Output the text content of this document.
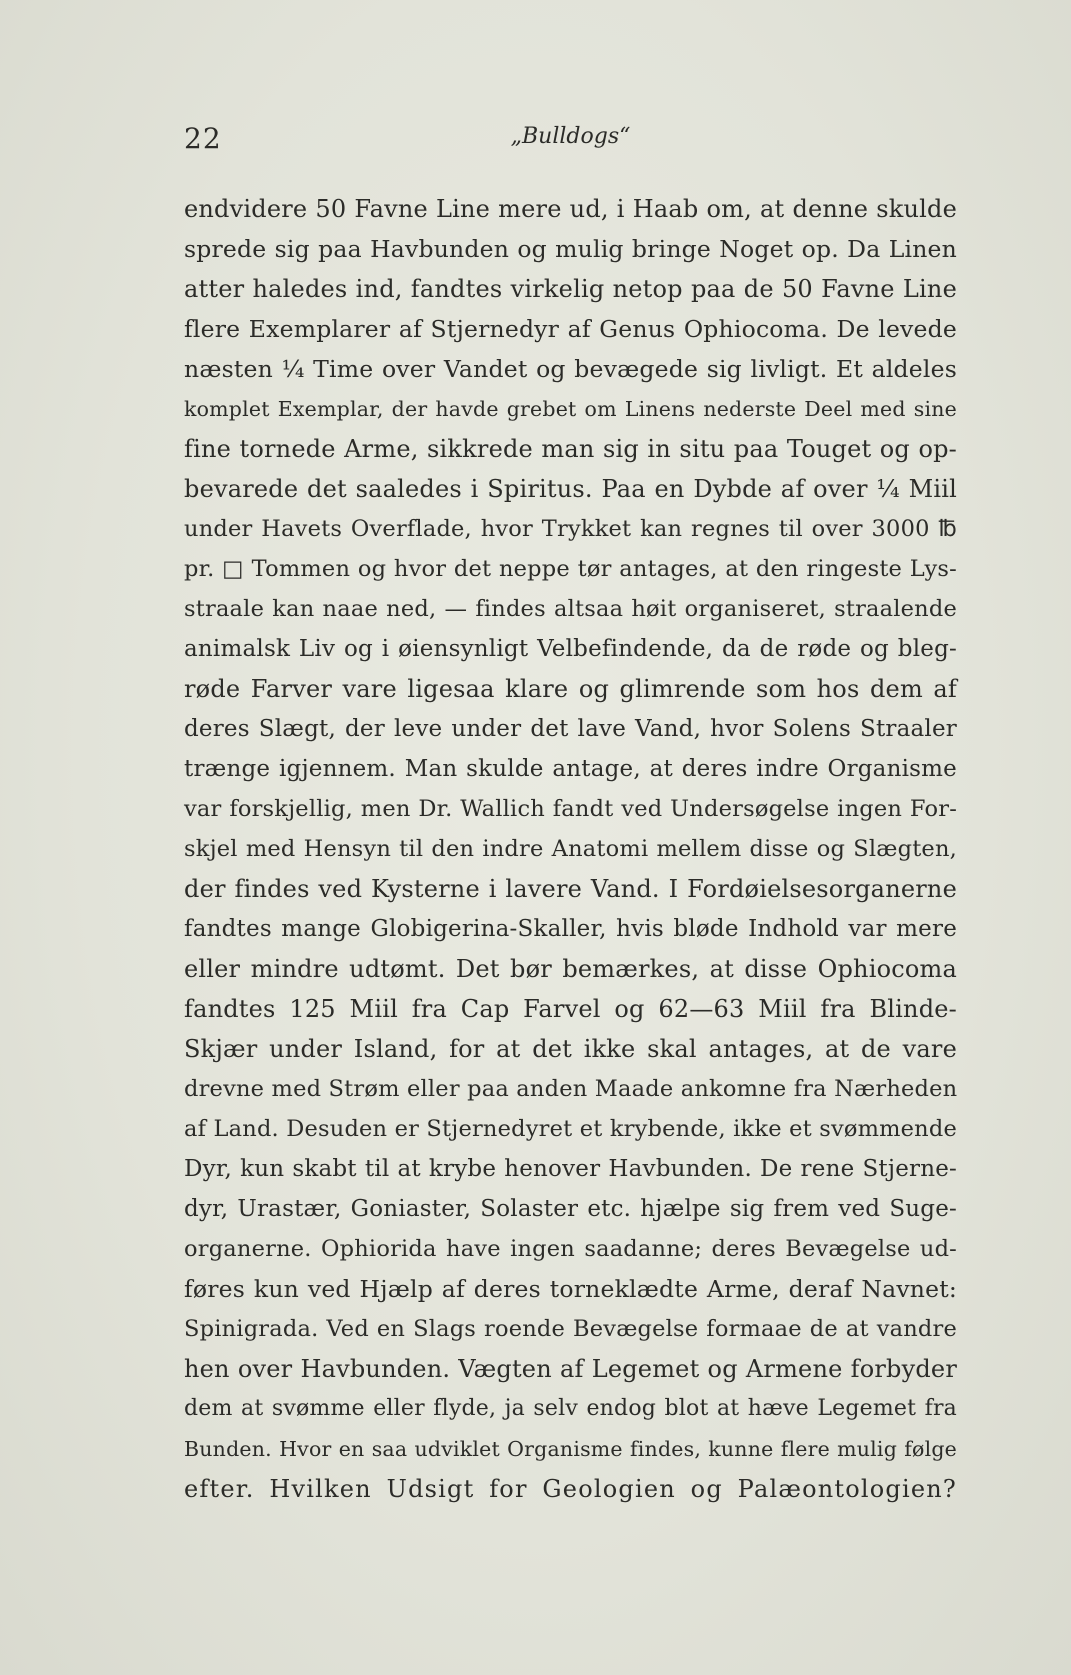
22	„Bulldogs“
endvidere 50 Favne Line mere ud, i Haab om, at denne skulde
sprede sig paa Havbunden og mulig bringe Noget op. Da Linen
atter haledes ind, fandtes virkelig netop paa de 50 Favne Line
flere Exemplarer af Stjernedyr af Genus Ophiocoma. De levede
næsten ¼ Time over Vandet og bevægede sig livligt. Et aldeles
komplet Exemplar, der havde grebet om Linens nederste Deel med sine
fine tornede Arme, sikkrede man sig in situ paa Touget og op-
bevarede det saaledes i Spiritus. Paa en Dybde af over ¼ Miil
under Havets Overflade, hvor Trykket kan regnes til over 3000 ℔
pr. □ Tommen og hvor det neppe tør antages, at den ringeste Lys-
straale kan naae ned, — findes altsaa høit organiseret, straalende
animalsk Liv og i øiensynligt Velbefindende, da de røde og bleg-
røde Farver vare ligesaa klare og glimrende som hos dem af
deres Slægt, der leve under det lave Vand, hvor Solens Straaler
trænge igjennem. Man skulde antage, at deres indre Organisme
var forskjellig, men Dr. Wallich fandt ved Undersøgelse ingen For-
skjel med Hensyn til den indre Anatomi mellem disse og Slægten,
der findes ved Kysterne i lavere Vand. I Fordøielsesorganerne
fandtes mange Globigerina-Skaller, hvis bløde Indhold var mere
eller mindre udtømt. Det bør bemærkes, at disse Ophiocoma
fandtes 125 Miil fra Cap Farvel og 62—63 Miil fra Blinde-
Skjær under Island, for at det ikke skal antages, at de vare
drevne med Strøm eller paa anden Maade ankomne fra Nærheden
af Land. Desuden er Stjernedyret et krybende, ikke et svømmende
Dyr, kun skabt til at krybe henover Havbunden. De rene Stjerne-
dyr, Urastær, Goniaster, Solaster etc. hjælpe sig frem ved Suge-
organerne. Ophiorida have ingen saadanne; deres Bevægelse ud-
føres kun ved Hjælp af deres torneklædte Arme, deraf Navnet:
Spinigrada. Ved en Slags roende Bevægelse formaae de at vandre
hen over Havbunden. Vægten af Legemet og Armene forbyder
dem at svømme eller flyde, ja selv endog blot at hæve Legemet fra
Bunden. Hvor en saa udviklet Organisme findes, kunne flere mulig følge
efter. Hvilken Udsigt for Geologien og Palæontologien?
